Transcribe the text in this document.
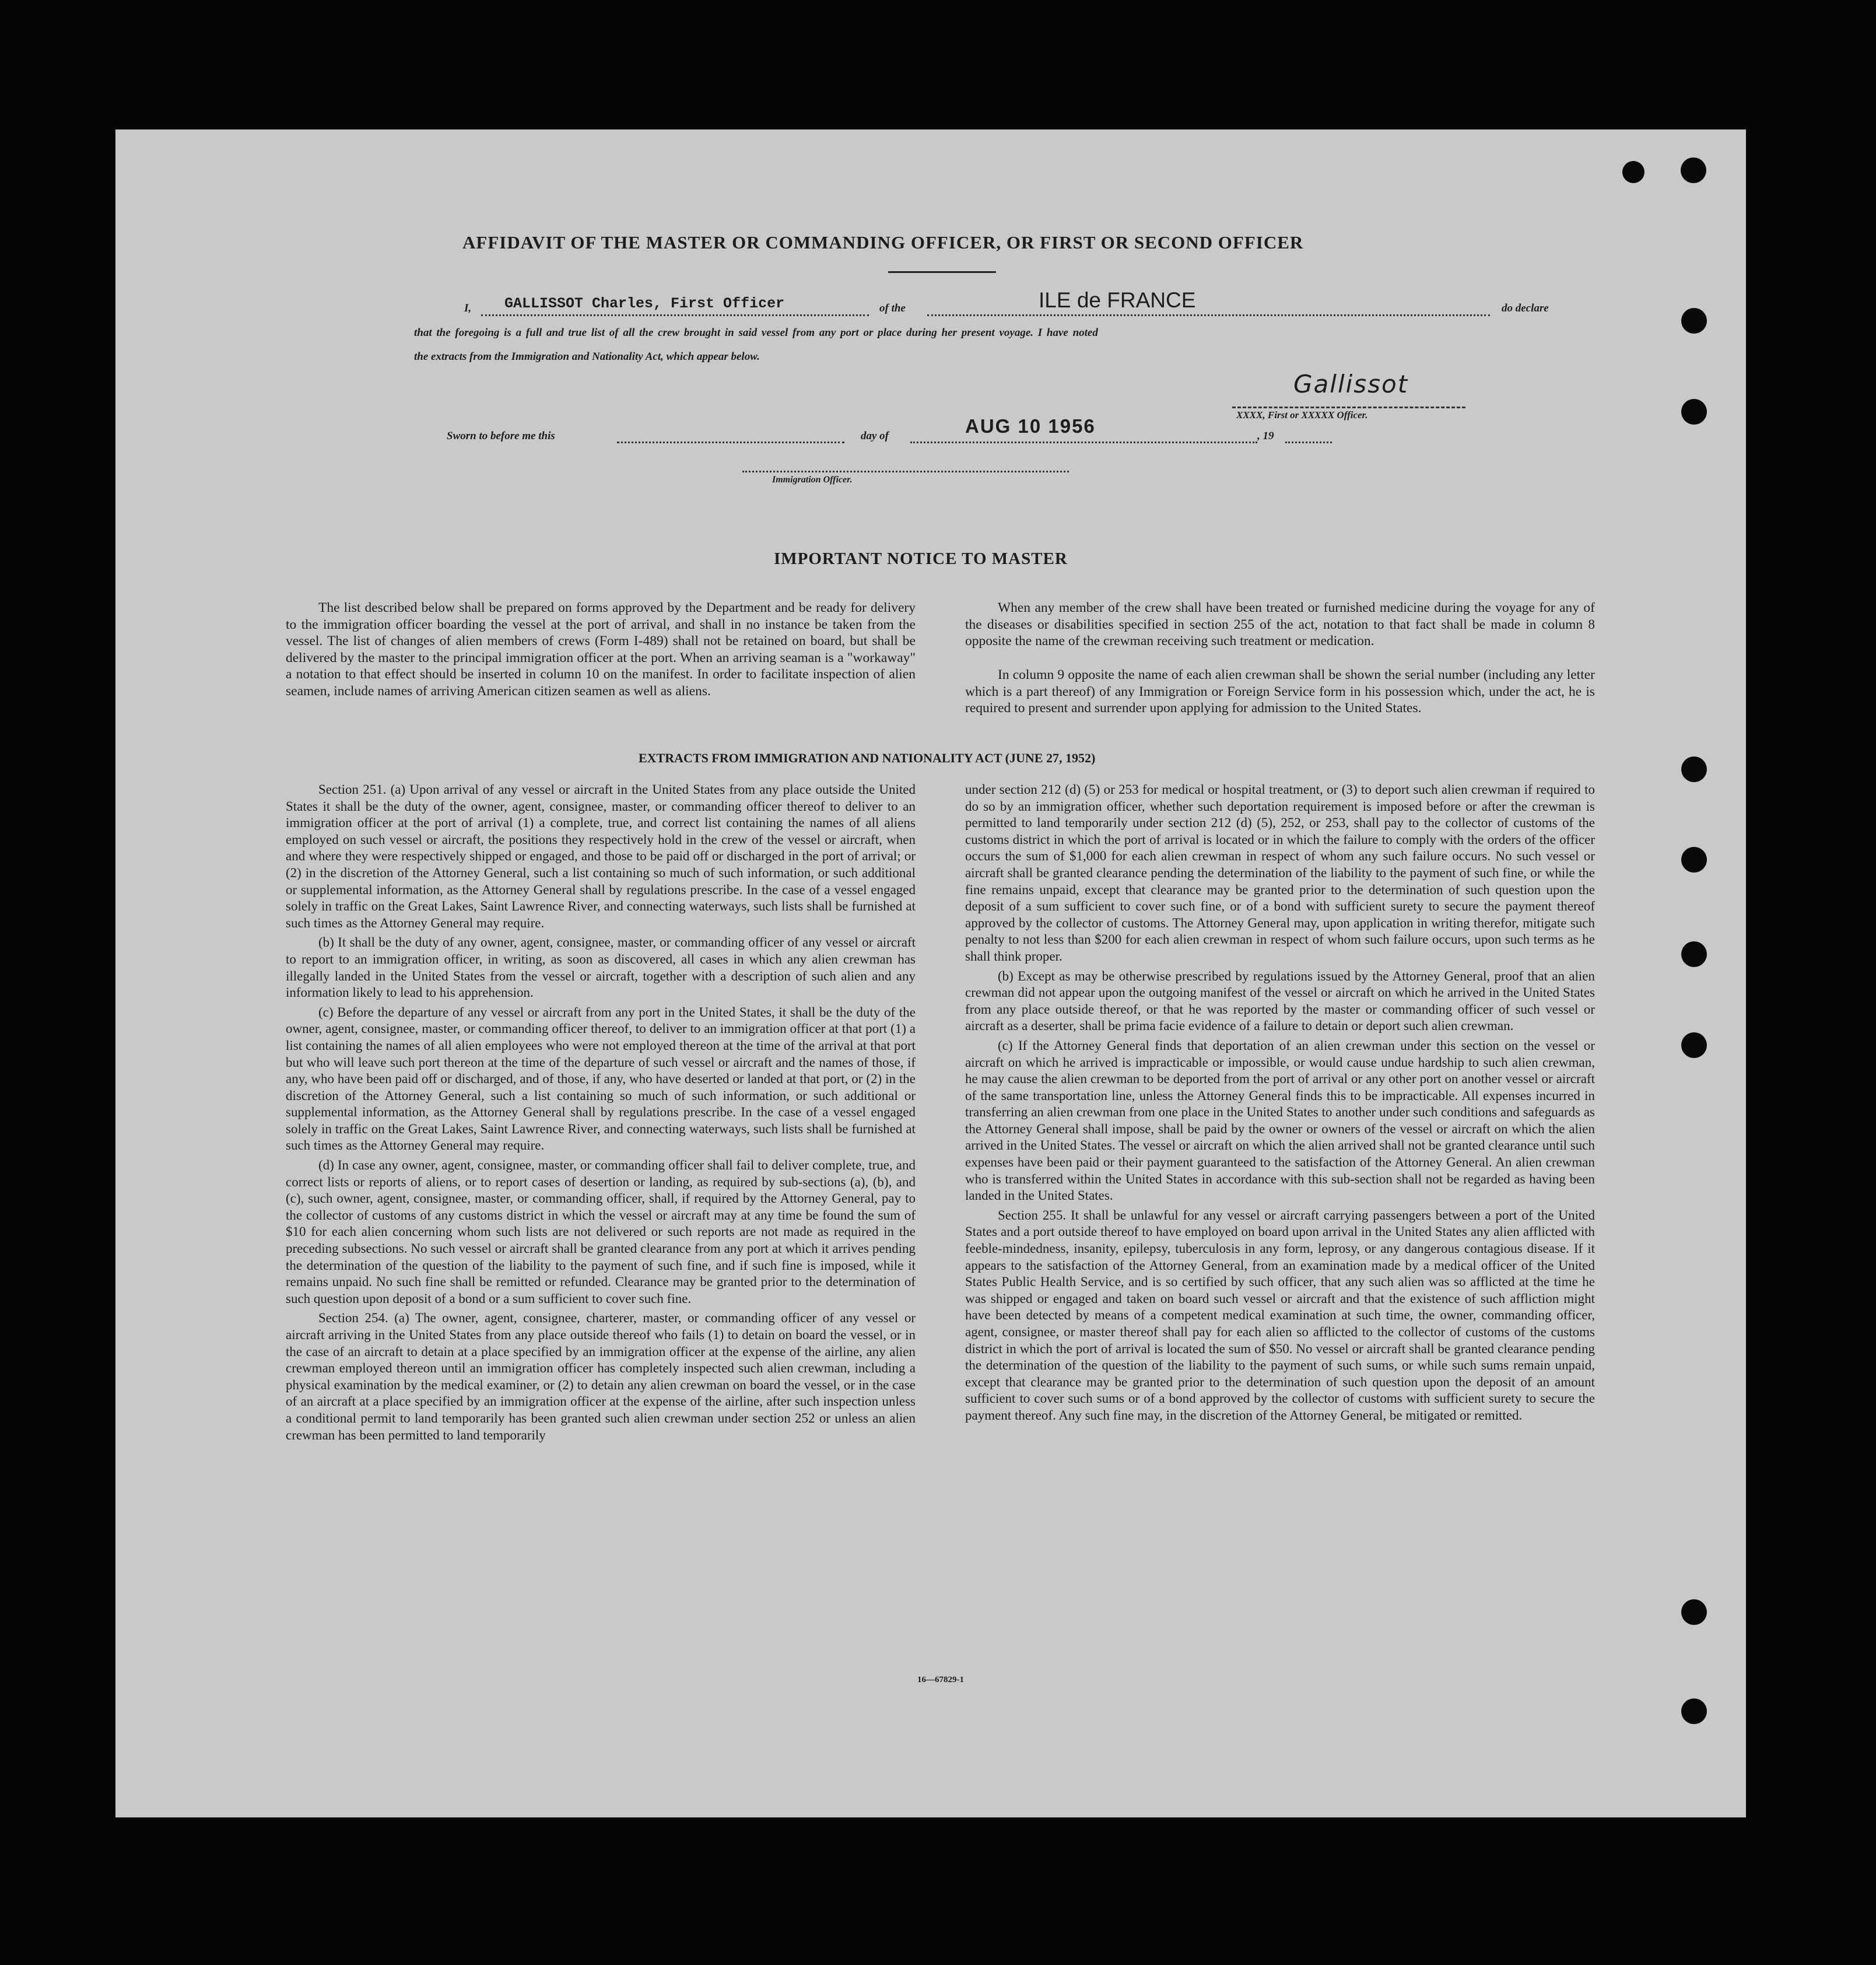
AFFIDAVIT OF THE MASTER OR COMMANDING OFFICER, OR FIRST OR SECOND OFFICER
I, GALLISSOT Charles, First Officer	of the	ILE de FRANCE	do declare
that the foregoing is a full and true list of all the crew brought in said vessel from any port or place during her present voyage. I have noted
the extracts from the Immigration and Nationality Act, which appear below.
Gallissot
XXXX, First or XXXXX Officer.
Sworn to before me this	day of	AUG 10 1956	, 19
Immigration Officer.
IMPORTANT NOTICE TO MASTER

The list described below shall be prepared on forms approved by the Department and be ready for delivery to the immigration officer boarding the vessel at the port of arrival, and shall in no instance be taken from the vessel. The list of changes of alien members of crews (Form I-489) shall not be retained on board, but shall be delivered by the master to the principal immigration officer at the port. When an arriving seaman is a "workaway" a notation to that effect should be inserted in column 10 on the manifest. In order to facilitate inspection of alien seamen, include names of arriving American citizen seamen as well as aliens.

When any member of the crew shall have been treated or furnished medicine during the voyage for any of the diseases or disabilities specified in section 255 of the act, notation to that fact shall be made in column 8 opposite the name of the crewman receiving such treatment or medication.

In column 9 opposite the name of each alien crewman shall be shown the serial number (including any letter which is a part thereof) of any Immigration or Foreign Service form in his possession which, under the act, he is required to present and surrender upon applying for admission to the United States.

EXTRACTS FROM IMMIGRATION AND NATIONALITY ACT (JUNE 27, 1952)

Section 251. (a) Upon arrival of any vessel or aircraft in the United States from any place outside the United States it shall be the duty of the owner, agent, consignee, master, or commanding officer thereof to deliver to an immigration officer at the port of arrival (1) a complete, true, and correct list containing the names of all aliens employed on such vessel or aircraft, the positions they respectively hold in the crew of the vessel or aircraft, when and where they were respectively shipped or engaged, and those to be paid off or discharged in the port of arrival; or (2) in the discretion of the Attorney General, such a list containing so much of such information, or such additional or supplemental information, as the Attorney General shall by regulations prescribe. In the case of a vessel engaged solely in traffic on the Great Lakes, Saint Lawrence River, and connecting waterways, such lists shall be furnished at such times as the Attorney General may require.

(b) It shall be the duty of any owner, agent, consignee, master, or commanding officer of any vessel or aircraft to report to an immigration officer, in writing, as soon as discovered, all cases in which any alien crewman has illegally landed in the United States from the vessel or aircraft, together with a description of such alien and any information likely to lead to his apprehension.

(c) Before the departure of any vessel or aircraft from any port in the United States, it shall be the duty of the owner, agent, consignee, master, or commanding officer thereof, to deliver to an immigration officer at that port (1) a list containing the names of all alien employees who were not employed thereon at the time of the arrival at that port but who will leave such port thereon at the time of the departure of such vessel or aircraft and the names of those, if any, who have been paid off or discharged, and of those, if any, who have deserted or landed at that port, or (2) in the discretion of the Attorney General, such a list containing so much of such information, or such additional or supplemental information, as the Attorney General shall by regulations prescribe. In the case of a vessel engaged solely in traffic on the Great Lakes, Saint Lawrence River, and connecting waterways, such lists shall be furnished at such times as the Attorney General may require.

(d) In case any owner, agent, consignee, master, or commanding officer shall fail to deliver complete, true, and correct lists or reports of aliens, or to report cases of desertion or landing, as required by sub-sections (a), (b), and (c), such owner, agent, consignee, master, or commanding officer, shall, if required by the Attorney General, pay to the collector of customs of any customs district in which the vessel or aircraft may at any time be found the sum of $10 for each alien concerning whom such lists are not delivered or such reports are not made as required in the preceding subsections. No such vessel or aircraft shall be granted clearance from any port at which it arrives pending the determination of the question of the liability to the payment of such fine, and if such fine is imposed, while it remains unpaid. No such fine shall be remitted or refunded. Clearance may be granted prior to the determination of such question upon deposit of a bond or a sum sufficient to cover such fine.

Section 254. (a) The owner, agent, consignee, charterer, master, or commanding officer of any vessel or aircraft arriving in the United States from any place outside thereof who fails (1) to detain on board the vessel, or in the case of an aircraft to detain at a place specified by an immigration officer at the expense of the airline, any alien crewman employed thereon until an immigration officer has completely inspected such alien crewman, including a physical examination by the medical examiner, or (2) to detain any alien crewman on board the vessel, or in the case of an aircraft at a place specified by an immigration officer at the expense of the airline, after such inspection unless a conditional permit to land temporarily has been granted such alien crewman under section 252 or unless an alien crewman has been permitted to land temporarily

under section 212 (d) (5) or 253 for medical or hospital treatment, or (3) to deport such alien crewman if required to do so by an immigration officer, whether such deportation requirement is imposed before or after the crewman is permitted to land temporarily under section 212 (d) (5), 252, or 253, shall pay to the collector of customs of the customs district in which the port of arrival is located or in which the failure to comply with the orders of the officer occurs the sum of $1,000 for each alien crewman in respect of whom any such failure occurs. No such vessel or aircraft shall be granted clearance pending the determination of the liability to the payment of such fine, or while the fine remains unpaid, except that clearance may be granted prior to the determination of such question upon the deposit of a sum sufficient to cover such fine, or of a bond with sufficient surety to secure the payment thereof approved by the collector of customs. The Attorney General may, upon application in writing therefor, mitigate such penalty to not less than $200 for each alien crewman in respect of whom such failure occurs, upon such terms as he shall think proper.

(b) Except as may be otherwise prescribed by regulations issued by the Attorney General, proof that an alien crewman did not appear upon the outgoing manifest of the vessel or aircraft on which he arrived in the United States from any place outside thereof, or that he was reported by the master or commanding officer of such vessel or aircraft as a deserter, shall be prima facie evidence of a failure to detain or deport such alien crewman.

(c) If the Attorney General finds that deportation of an alien crewman under this section on the vessel or aircraft on which he arrived is impracticable or impossible, or would cause undue hardship to such alien crewman, he may cause the alien crewman to be deported from the port of arrival or any other port on another vessel or aircraft of the same transportation line, unless the Attorney General finds this to be impracticable. All expenses incurred in transferring an alien crewman from one place in the United States to another under such conditions and safeguards as the Attorney General shall impose, shall be paid by the owner or owners of the vessel or aircraft on which the alien arrived in the United States. The vessel or aircraft on which the alien arrived shall not be granted clearance until such expenses have been paid or their payment guaranteed to the satisfaction of the Attorney General. An alien crewman who is transferred within the United States in accordance with this sub-section shall not be regarded as having been landed in the United States.

Section 255. It shall be unlawful for any vessel or aircraft carrying passengers between a port of the United States and a port outside thereof to have employed on board upon arrival in the United States any alien afflicted with feeble-mindedness, insanity, epilepsy, tuberculosis in any form, leprosy, or any dangerous contagious disease. If it appears to the satisfaction of the Attorney General, from an examination made by a medical officer of the United States Public Health Service, and is so certified by such officer, that any such alien was so afflicted at the time he was shipped or engaged and taken on board such vessel or aircraft and that the existence of such affliction might have been detected by means of a competent medical examination at such time, the owner, commanding officer, agent, consignee, or master thereof shall pay for each alien so afflicted to the collector of customs of the customs district in which the port of arrival is located the sum of $50. No vessel or aircraft shall be granted clearance pending the determination of the question of the liability to the payment of such sums, or while such sums remain unpaid, except that clearance may be granted prior to the determination of such question upon the deposit of an amount sufficient to cover such sums or of a bond approved by the collector of customs with sufficient surety to secure the payment thereof. Any such fine may, in the discretion of the Attorney General, be mitigated or remitted.

16—67829-1
